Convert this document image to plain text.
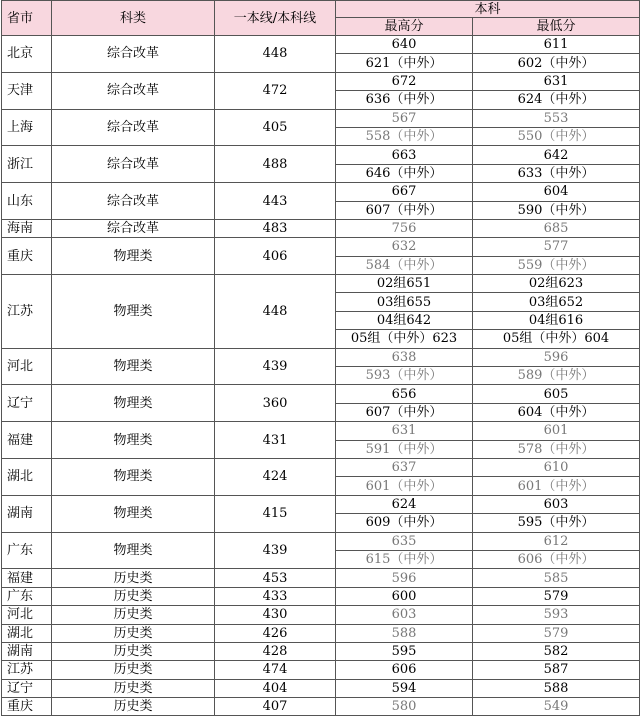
省市	科类	一本线/本科线	本科	
			最高分	最低分
北京	综合改革	448	640	611
			621（中外）	602（中外）
天津	综合改革	472	672	631
			636（中外）	624（中外）
上海	综合改革	405	567	553
			558（中外）	550（中外）
浙江	综合改革	488	663	642
			646（中外）	633（中外）
山东	综合改革	443	667	604
			607（中外）	590（中外）
海南	综合改革	483	756	685
重庆	物理类	406	632	577
			584（中外）	559（中外）
江苏	物理类	448	02组651	02组623
			03组655	03组652
			04组642	04组616
			05组（中外）623	05组（中外）604
河北	物理类	439	638	596
			593（中外）	589（中外）
辽宁	物理类	360	656	605
			607（中外）	604（中外）
福建	物理类	431	631	601
			591（中外）	578（中外）
湖北	物理类	424	637	610
			601（中外）	601（中外）
湖南	物理类	415	624	603
			609（中外）	595（中外）
广东	物理类	439	635	612
			615（中外）	606（中外）
福建	历史类	453	596	585
广东	历史类	433	600	579
河北	历史类	430	603	593
湖北	历史类	426	588	579
湖南	历史类	428	595	582
江苏	历史类	474	606	587
辽宁	历史类	404	594	588
重庆	历史类	407	580	549
